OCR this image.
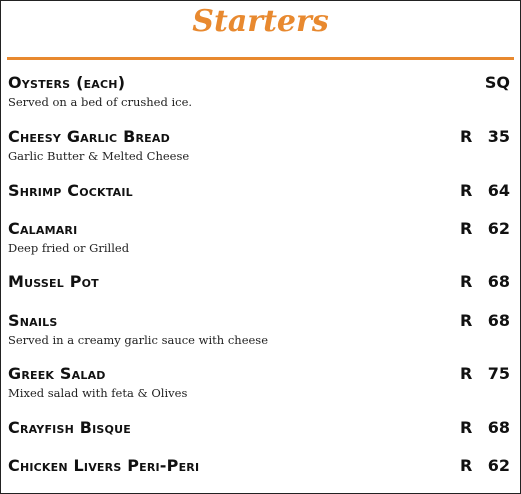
Starters
Oysters (each)	SQ
Served on a bed of crushed ice.
Cheesy Garlic Bread	R 35
Garlic Butter & Melted Cheese
Shrimp Cocktail	R 64
Calamari	R 62
Deep fried or Grilled
Mussel Pot	R 68
Snails	R 68
Served in a creamy garlic sauce with cheese
Greek Salad	R 75
Mixed salad with feta & Olives
Crayfish Bisque	R 68
Chicken Livers Peri-Peri	R 62
